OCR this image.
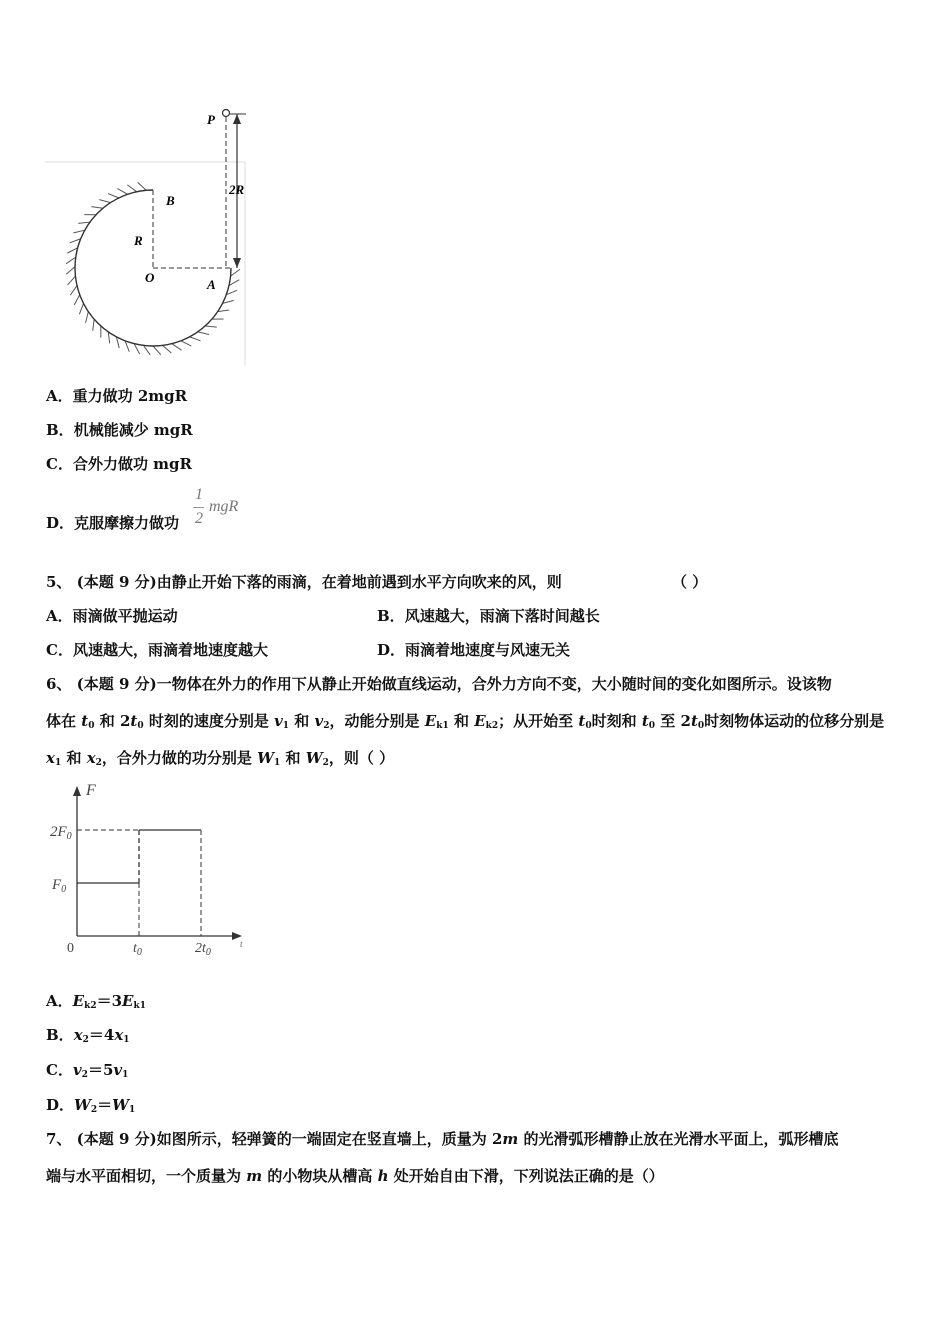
P
B
R
O	A
2R
A．重力做功 2mgR
B．机械能减少 mgR
C．合外力做功 mgR
D．克服摩擦力做功
1
2
mgR
5、 (本题 9 分)由静止开始下落的雨滴，在着地前遇到水平方向吹来的风，则	（ ）
A．雨滴做平抛运动	B．风速越大，雨滴下落时间越长
C．风速越大，雨滴着地速度越大	D．雨滴着地速度与风速无关
6、 (本题 9 分)一物体在外力的作用下从静止开始做直线运动，合外力方向不变，大小随时间的变化如图所示。设该物
体在 $t_0$ 和 $2t_0$ 时刻的速度分别是 $v_1$ 和 $v_2$，动能分别是 $E_{k1}$ 和 $E_{k2}$；从开始至 $t_0$时刻和 $t_0$ 至 $2t_0$时刻物体运动的位移分别是
$x_1$ 和 $x_2$，合外力做的功分别是 $W_1$ 和 $W_2$，则（ ）
F
t
$2F_0$
$F_0$
0	$t_0$	$2t_0$
A．$E_{k2}=3E_{k1}$
B．$x_2=4x_1$
C．$v_2=5v_1$
D．$W_2=W_1$
7、 (本题 9 分)如图所示，轻弹簧的一端固定在竖直墙上，质量为 2m 的光滑弧形槽静止放在光滑水平面上，弧形槽底
端与水平面相切，一个质量为 m 的小物块从槽高 h 处开始自由下滑，下列说法正确的是（）
